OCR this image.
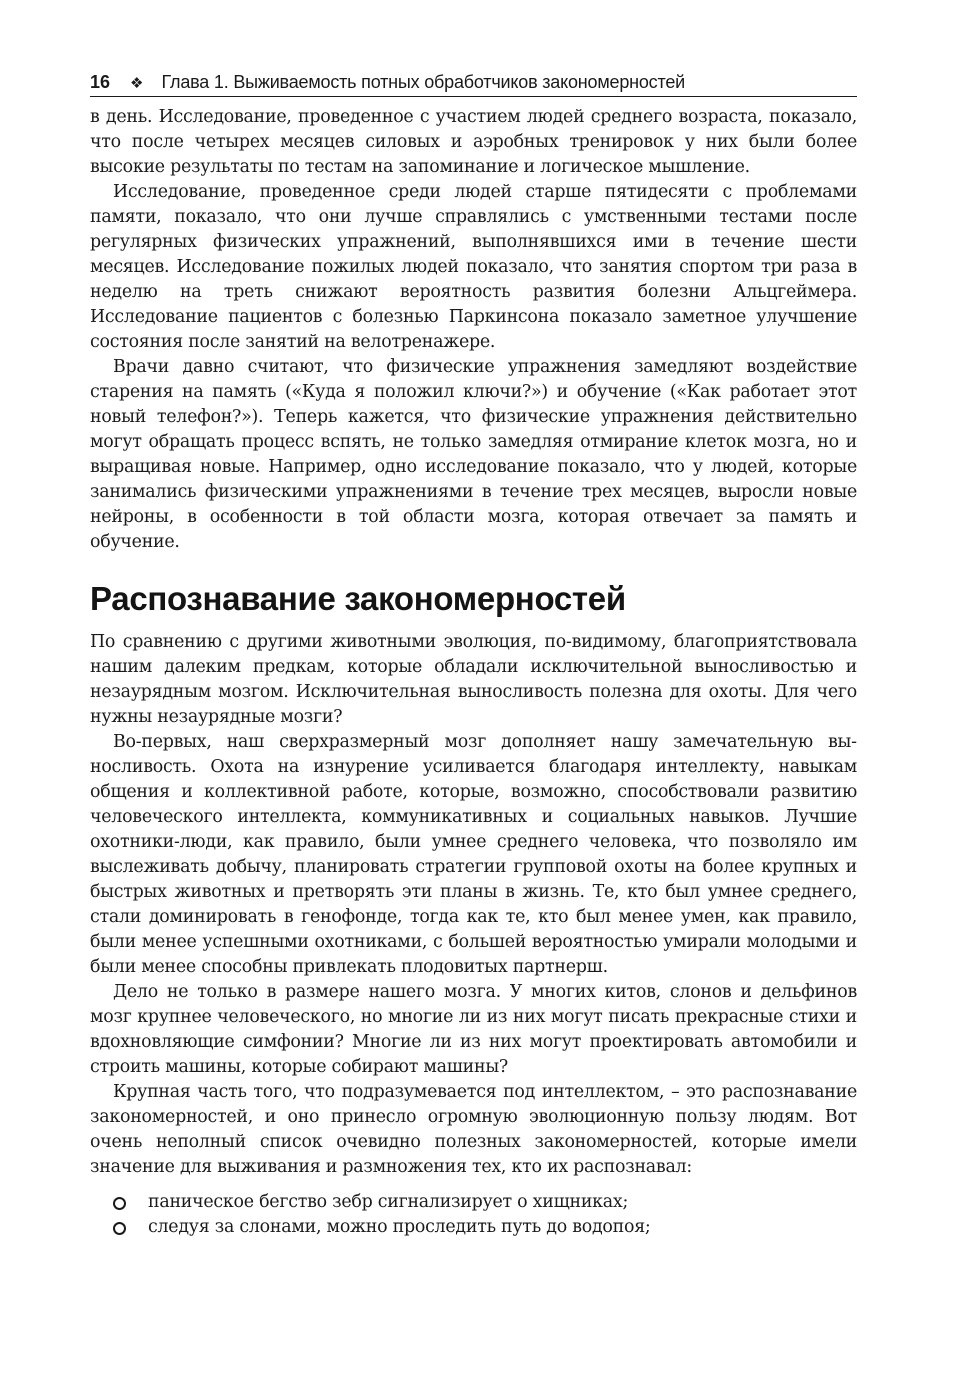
16 ❖ Глава 1. Выживаемость потных обработчиков закономерностей

в день. Исследование, проведенное с участием людей среднего возраста, показало, что после четырех месяцев силовых и аэробных тренировок у них были более высокие результаты по тестам на запоминание и логическое мышление.

Исследование, проведенное среди людей старше пятидесяти с проблемами памяти, показало, что они лучше справлялись с умственными тестами после регулярных физических упражнений, выполнявшихся ими в течение шести месяцев. Исследование пожилых людей показало, что занятия спортом три раза в неделю на треть снижают вероятность развития болезни Альцгеймера. Исследование пациентов с болезнью Паркинсона показало заметное улучшение состояния после занятий на велотренажере.

Врачи давно считают, что физические упражнения замедляют воздействие старения на память («Куда я положил ключи?») и обучение («Как работает этот новый телефон?»). Теперь кажется, что физические упражнения действительно могут обращать процесс вспять, не только замедляя отмирание клеток мозга, но и выращивая новые. Например, одно исследование показало, что у людей, которые занимались физическими упражнениями в течение трех месяцев, выросли новые нейроны, в особенности в той области мозга, которая отвечает за память и обучение.

Распознавание закономерностей

По сравнению с другими животными эволюция, по-видимому, благоприятствовала нашим далеким предкам, которые обладали исключительной выносливостью и незаурядным мозгом. Исключительная выносливость полезна для охоты. Для чего нужны незаурядные мозги?

Во-первых, наш сверхразмерный мозг дополняет нашу замечательную выносливость. Охота на изнурение усиливается благодаря интеллекту, навыкам общения и коллективной работе, которые, возможно, способствовали развитию человеческого интеллекта, коммуникативных и социальных навыков. Лучшие охотники-люди, как правило, были умнее среднего человека, что позволяло им выслеживать добычу, планировать стратегии групповой охоты на более крупных и быстрых животных и претворять эти планы в жизнь. Те, кто был умнее среднего, стали доминировать в генофонде, тогда как те, кто был менее умен, как правило, были менее успешными охотниками, с большей вероятностью умирали молодыми и были менее способны привлекать плодовитых партнерш.

Дело не только в размере нашего мозга. У многих китов, слонов и дельфинов мозг крупнее человеческого, но многие ли из них могут писать прекрасные стихи и вдохновляющие симфонии? Многие ли из них могут проектировать автомобили и строить машины, которые собирают машины?

Крупная часть того, что подразумевается под интеллектом, – это распознавание закономерностей, и оно принесло огромную эволюционную пользу людям. Вот очень неполный список очевидно полезных закономерностей, которые имели значение для выживания и размножения тех, кто их распознавал:

паническое бегство зебр сигнализирует о хищниках;
следуя за слонами, можно проследить путь до водопоя;
